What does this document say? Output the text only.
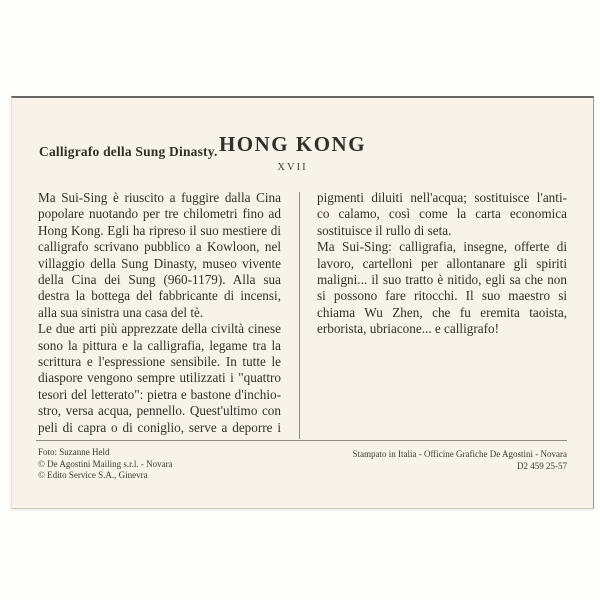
Calligrafo della Sung Dinasty. HONG KONG
XVII
Ma Sui-Sing è riuscito a fuggire dalla Cina
popolare nuotando per tre chilometri fino ad
Hong Kong. Egli ha ripreso il suo mestiere di
calligrafo scrivano pubblico a Kowloon, nel
villaggio della Sung Dinasty, museo vivente
della Cina dei Sung (960-1179). Alla sua
destra la bottega del fabbricante di incensi,
alla sua sinistra una casa del tè.
Le due arti più apprezzate della civiltà cinese
sono la pittura e la calligrafia, legame tra la
scrittura e l'espressione sensibile. In tutte le
diaspore vengono sempre utilizzati i "quattro
tesori del letterato": pietra e bastone d'inchio-
stro, versa acqua, pennello. Quest'ultimo con
peli di capra o di coniglio, serve a deporre i
pigmenti diluiti nell'acqua; sostituisce l'anti-
co calamo, così come la carta economica
sostituisce il rullo di seta.
Ma Sui-Sing: calligrafia, insegne, offerte di
lavoro, cartelloni per allontanare gli spiriti
maligni... il suo tratto è nitido, egli sa che non
si possono fare ritocchi. Il suo maestro si
chiama Wu Zhen, che fu eremita taoista,
erborista, ubriacone... e calligrafo!
Foto: Suzanne Held
© De Agostini Mailing s.r.l. - Novara
© Edito Service S.A., Ginevra
Stampato in Italia - Officine Grafiche De Agostini - Novara
D2 459 25-57
